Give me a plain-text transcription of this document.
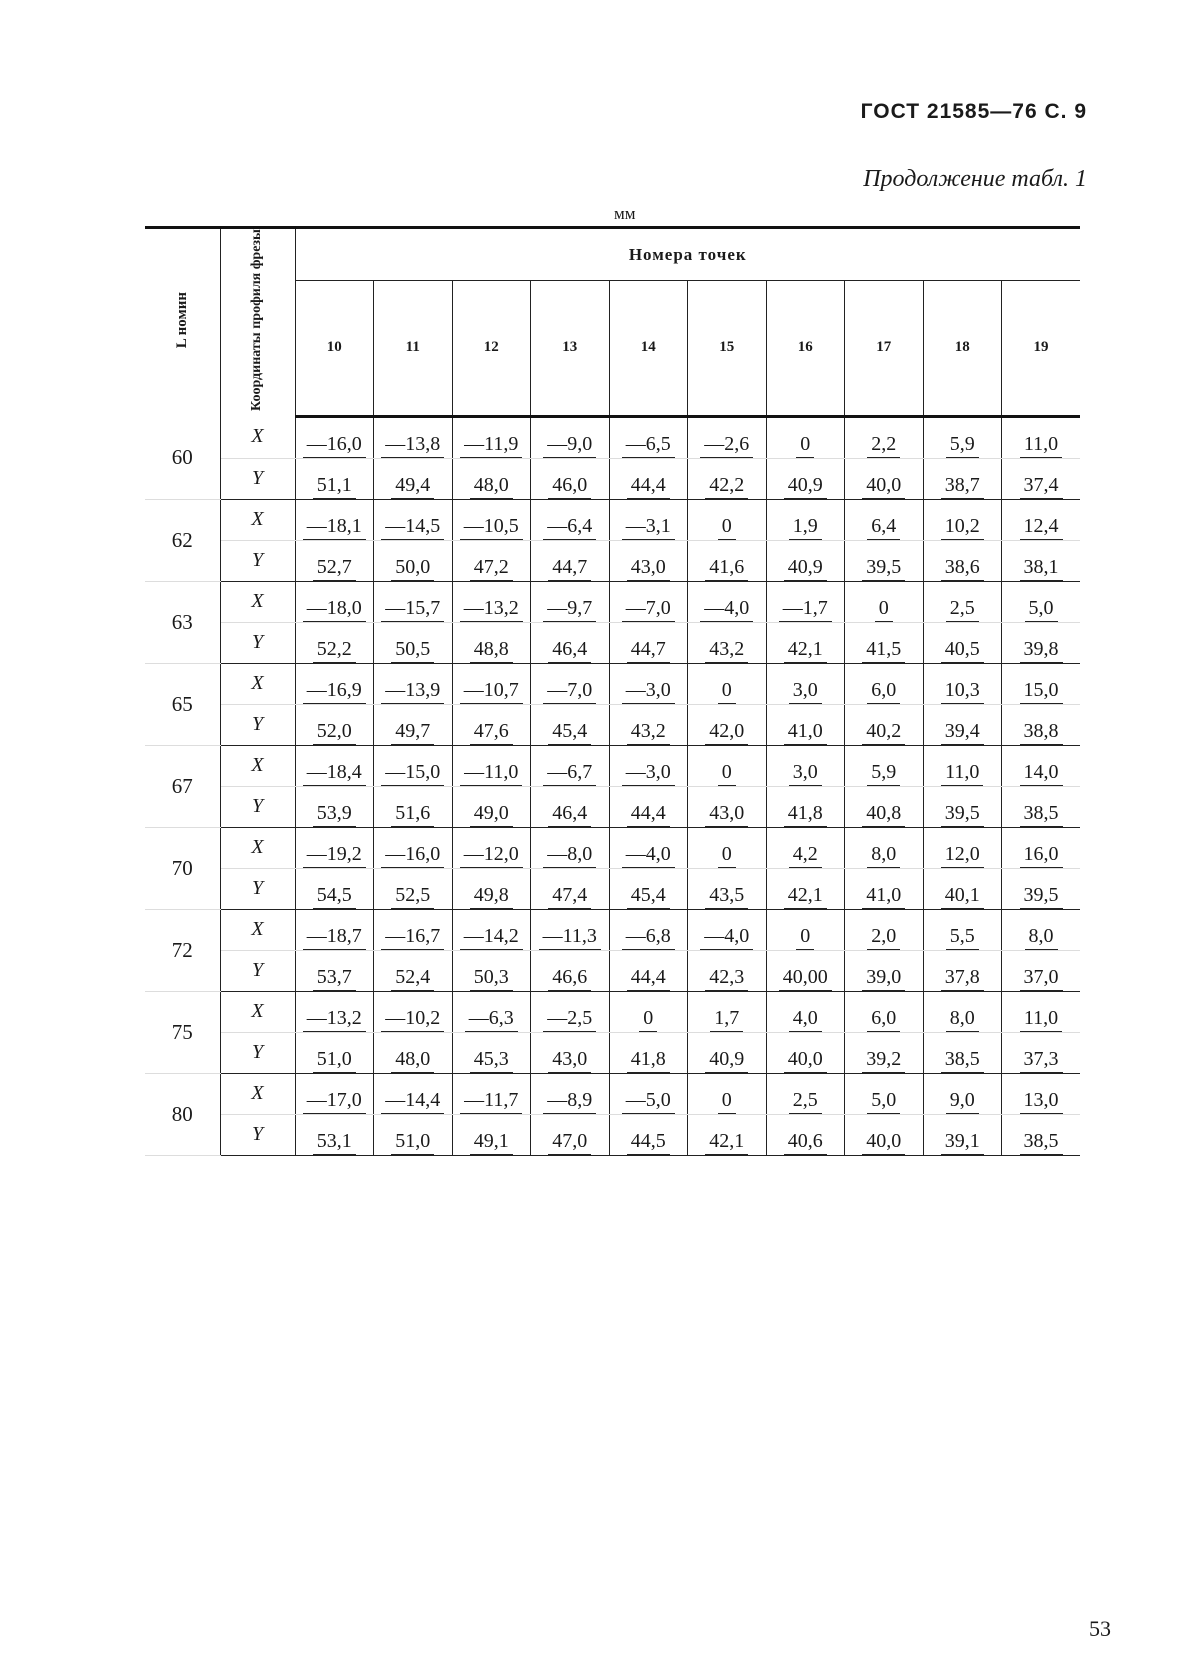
ГОСТ 21585—76 С. 9
Продолжение табл. 1
мм
L номин	Координаты профиля фрезы	Номера точек									
		10	11	12	13	14	15	16	17	18	19
60	X	—16,0	—13,8	—11,9	—9,0	—6,5	—2,6	0	2,2	5,9	11,0
	Y	51,1	49,4	48,0	46,0	44,4	42,2	40,9	40,0	38,7	37,4
62	X	—18,1	—14,5	—10,5	—6,4	—3,1	0	1,9	6,4	10,2	12,4
	Y	52,7	50,0	47,2	44,7	43,0	41,6	40,9	39,5	38,6	38,1
63	X	—18,0	—15,7	—13,2	—9,7	—7,0	—4,0	—1,7	0	2,5	5,0
	Y	52,2	50,5	48,8	46,4	44,7	43,2	42,1	41,5	40,5	39,8
65	X	—16,9	—13,9	—10,7	—7,0	—3,0	0	3,0	6,0	10,3	15,0
	Y	52,0	49,7	47,6	45,4	43,2	42,0	41,0	40,2	39,4	38,8
67	X	—18,4	—15,0	—11,0	—6,7	—3,0	0	3,0	5,9	11,0	14,0
	Y	53,9	51,6	49,0	46,4	44,4	43,0	41,8	40,8	39,5	38,5
70	X	—19,2	—16,0	—12,0	—8,0	—4,0	0	4,2	8,0	12,0	16,0
	Y	54,5	52,5	49,8	47,4	45,4	43,5	42,1	41,0	40,1	39,5
72	X	—18,7	—16,7	—14,2	—11,3	—6,8	—4,0	0	2,0	5,5	8,0
	Y	53,7	52,4	50,3	46,6	44,4	42,3	40,00	39,0	37,8	37,0
75	X	—13,2	—10,2	—6,3	—2,5	0	1,7	4,0	6,0	8,0	11,0
	Y	51,0	48,0	45,3	43,0	41,8	40,9	40,0	39,2	38,5	37,3
80	X	—17,0	—14,4	—11,7	—8,9	—5,0	0	2,5	5,0	9,0	13,0
	Y	53,1	51,0	49,1	47,0	44,5	42,1	40,6	40,0	39,1	38,5
53
